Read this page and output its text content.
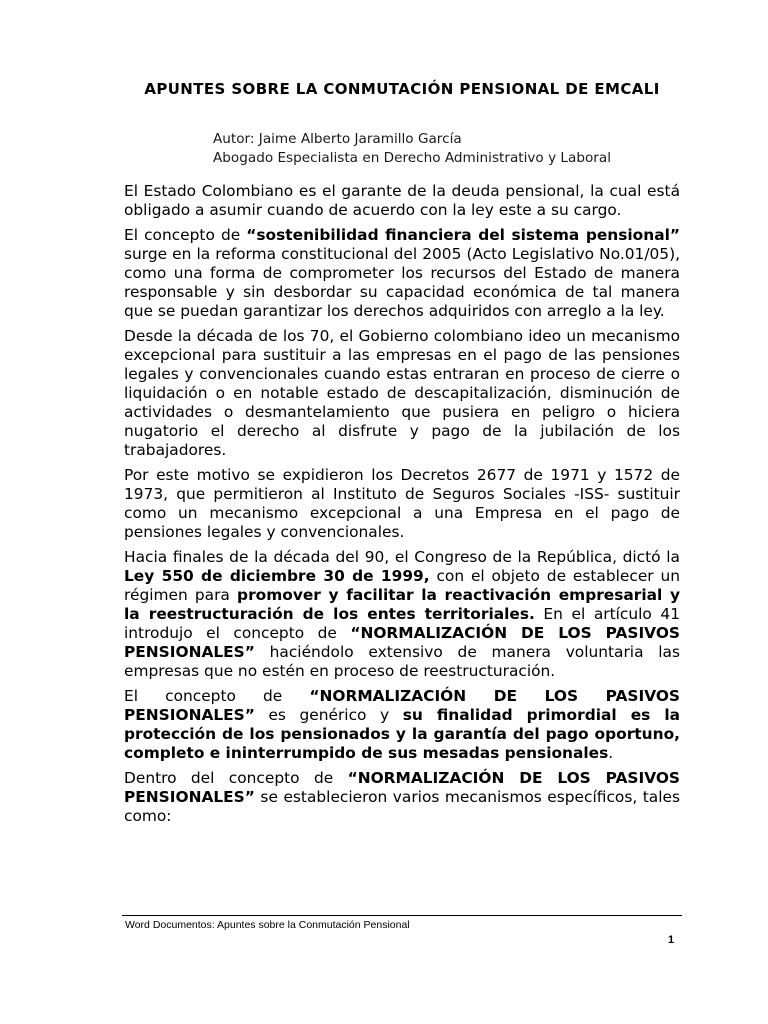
APUNTES SOBRE LA CONMUTACIÓN PENSIONAL DE EMCALI
Autor: Jaime Alberto Jaramillo García
Abogado Especialista en Derecho Administrativo y Laboral

El Estado Colombiano es el garante de la deuda pensional, la cual está obligado a asumir cuando de acuerdo con la ley este a su cargo.

El concepto de “sostenibilidad financiera del sistema pensional” surge en la reforma constitucional del 2005 (Acto Legislativo No.01/05), como una forma de comprometer los recursos del Estado de manera responsable y sin desbordar su capacidad económica de tal manera que se puedan garantizar los derechos adquiridos con arreglo a la ley.

Desde la década de los 70, el Gobierno colombiano ideo un mecanismo excepcional para sustituir a las empresas en el pago de las pensiones legales y convencionales cuando estas entraran en proceso de cierre o liquidación o en notable estado de descapitalización, disminución de actividades o desmantelamiento que pusiera en peligro o hiciera nugatorio el derecho al disfrute y pago de la jubilación de los trabajadores.

Por este motivo se expidieron los Decretos 2677 de 1971 y 1572 de 1973, que permitieron al Instituto de Seguros Sociales -ISS- sustituir como un mecanismo excepcional a una Empresa en el pago de pensiones legales y convencionales.

Hacia finales de la década del 90, el Congreso de la República, dictó la Ley 550 de diciembre 30 de 1999, con el objeto de establecer un régimen para promover y facilitar la reactivación empresarial y la reestructuración de los entes territoriales. En el artículo 41 introdujo el concepto de “NORMALIZACIÓN DE LOS PASIVOS PENSIONALES” haciéndolo extensivo de manera voluntaria las empresas que no estén en proceso de reestructuración.

El concepto de “NORMALIZACIÓN DE LOS PASIVOS PENSIONALES” es genérico y su finalidad primordial es la protección de los pensionados y la garantía del pago oportuno, completo e ininterrumpido de sus mesadas pensionales.

Dentro del concepto de “NORMALIZACIÓN DE LOS PASIVOS PENSIONALES” se establecieron varios mecanismos específicos, tales como:

Word Documentos: Apuntes sobre la Conmutación Pensional
1
